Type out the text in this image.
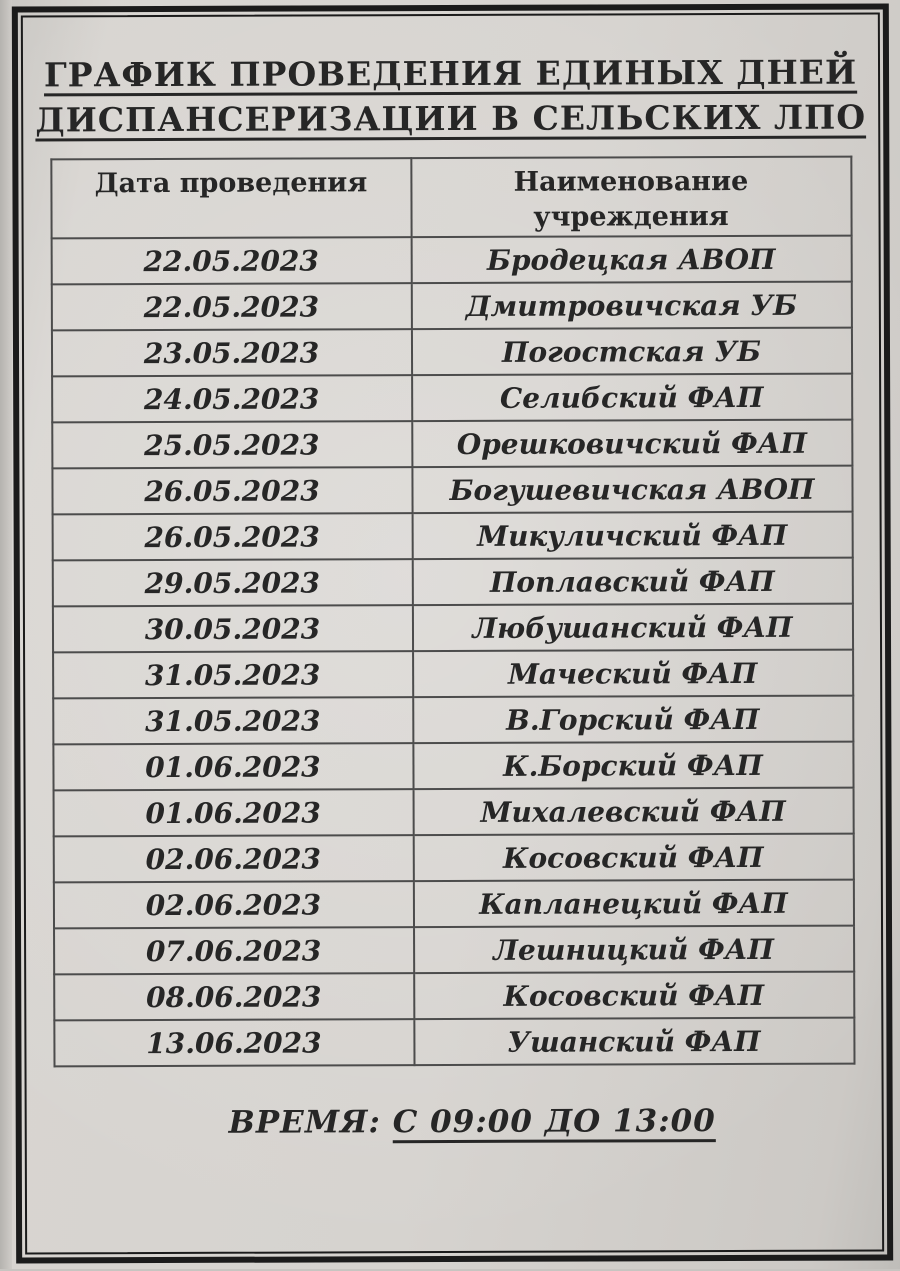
ГРАФИК ПРОВЕДЕНИЯ ЕДИНЫХ ДНЕЙ
ДИСПАНСЕРИЗАЦИИ В СЕЛЬСКИХ ЛПО
Дата проведения	Наименование учреждения
22.05.2023	Бродецкая АВОП
22.05.2023	Дмитровичская УБ
23.05.2023	Погостская УБ
24.05.2023	Селибский ФАП
25.05.2023	Орешковичский ФАП
26.05.2023	Богушевичская АВОП
26.05.2023	Микуличский ФАП
29.05.2023	Поплавский ФАП
30.05.2023	Любушанский ФАП
31.05.2023	Маческий ФАП
31.05.2023	В.Горский ФАП
01.06.2023	К.Борский ФАП
01.06.2023	Михалевский ФАП
02.06.2023	Косовский ФАП
02.06.2023	Капланецкий ФАП
07.06.2023	Лешницкий ФАП
08.06.2023	Косовский ФАП
13.06.2023	Ушанский ФАП
ВРЕМЯ: С 09:00 ДО 13:00
